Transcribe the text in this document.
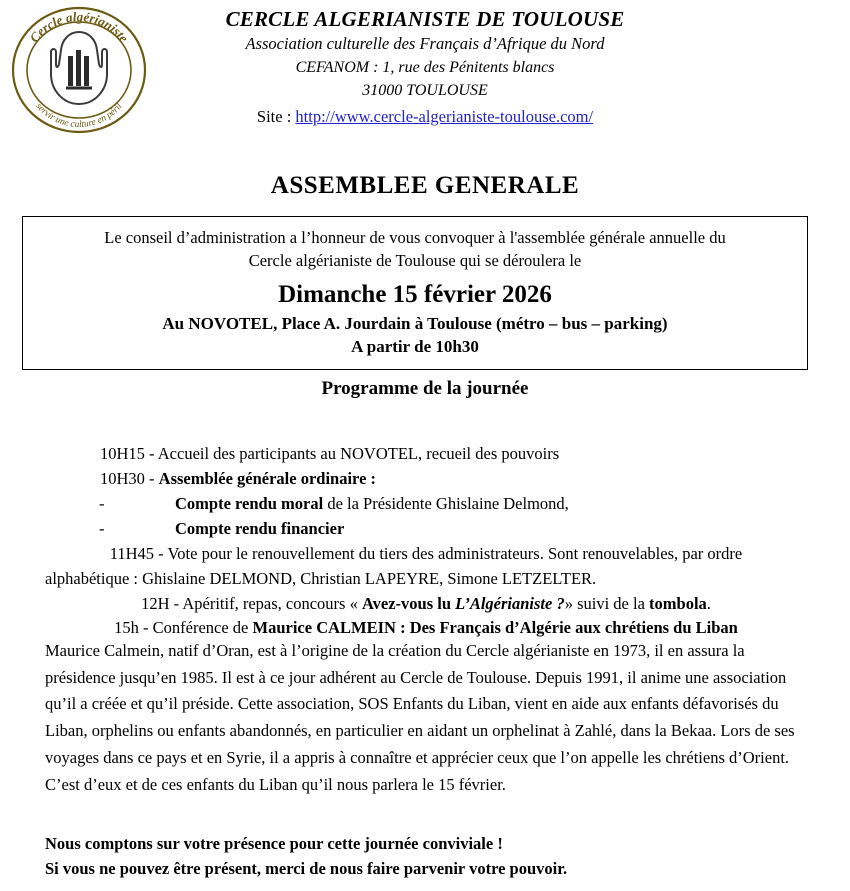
Cercle algérianiste
servir une culture en péril
CERCLE ALGERIANISTE DE TOULOUSE
Association culturelle des Français d’Afrique du Nord
CEFANOM : 1, rue des Pénitents blancs
31000 TOULOUSE
Site : http://www.cercle-algerianiste-toulouse.com/
ASSEMBLEE GENERALE
Le conseil d’administration a l’honneur de vous convoquer à l'assemblée générale annuelle du
Cercle algérianiste de Toulouse qui se déroulera le
Dimanche 15 février 2026
Au NOVOTEL, Place A. Jourdain à Toulouse (métro – bus – parking)
A partir de 10h30
Programme de la journée
10H15 - Accueil des participants au NOVOTEL, recueil des pouvoirs
10H30 - Assemblée générale ordinaire :
-	Compte rendu moral de la Présidente Ghislaine Delmond,
-	Compte rendu financier
11H45 - Vote pour le renouvellement du tiers des administrateurs. Sont renouvelables, par ordre
alphabétique : Ghislaine DELMOND, Christian LAPEYRE, Simone LETZELTER.
12H - Apéritif, repas, concours « Avez-vous lu L’Algérianiste ?» suivi de la tombola.
15h - Conférence de Maurice CALMEIN : Des Français d’Algérie aux chrétiens du Liban
Maurice Calmein, natif d’Oran, est à l’origine de la création du Cercle algérianiste en 1973, il en assura la présidence jusqu’en 1985. Il est à ce jour adhérent au Cercle de Toulouse. Depuis 1991, il anime une association qu’il a créée et qu’il préside. Cette association, SOS Enfants du Liban, vient en aide aux enfants défavorisés du Liban, orphelins ou enfants abandonnés, en particulier en aidant un orphelinat à Zahlé, dans la Bekaa. Lors de ses voyages dans ce pays et en Syrie, il a appris à connaître et apprécier ceux que l’on appelle les chrétiens d’Orient. C’est d’eux et de ces enfants du Liban qu’il nous parlera le 15 février.
Nous comptons sur votre présence pour cette journée conviviale !
Si vous ne pouvez être présent, merci de nous faire parvenir votre pouvoir.
